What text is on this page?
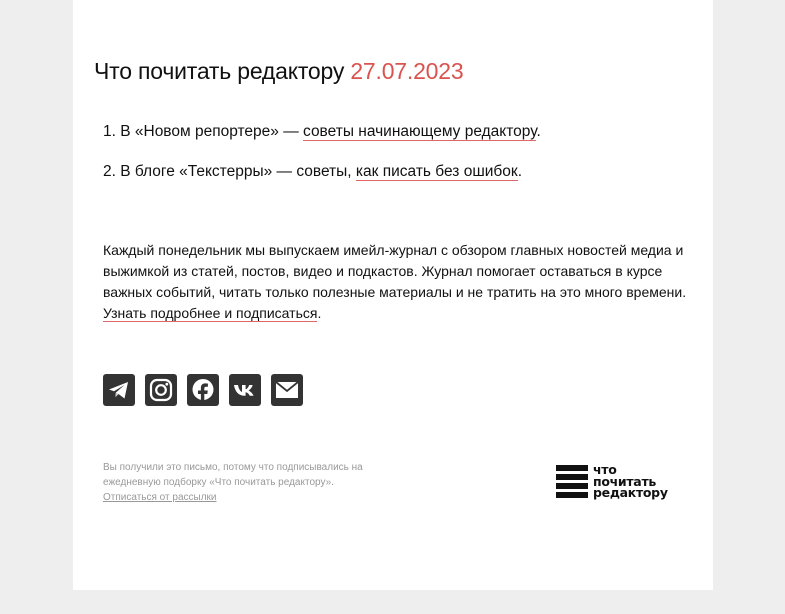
Что почитать редактору 27.07.2023
1. В «Новом репортере» — советы начинающему редактору.
2. В блоге «Текстерры» — советы, как писать без ошибок.

Каждый понедельник мы выпускаем имейл-журнал с обзором главных новостей медиа и выжимкой из статей, постов, видео и подкастов. Журнал помогает оставаться в курсе важных событий, читать только полезные материалы и не тратить на это много времени. Узнать подробнее и подписаться.

Вы получили это письмо, потому что подписывались на ежедневную подборку «Что почитать редактору».
Отписаться от рассылки
что
почитать
редактору
